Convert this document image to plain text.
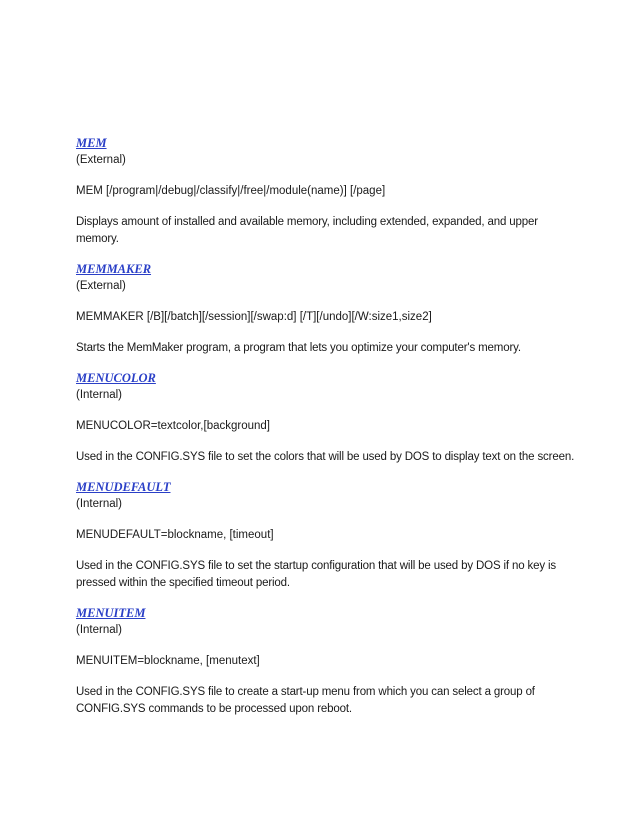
MEM
(External)
MEM [/program|/debug|/classify|/free|/module(name)] [/page]
Displays amount of installed and available memory, including extended, expanded, and upper memory.
MEMMAKER
(External)
MEMMAKER [/B][/batch][/session][/swap:d] [/T][/undo][/W:size1,size2]
Starts the MemMaker program, a program that lets you optimize your computer's memory.
MENUCOLOR
(Internal)
MENUCOLOR=textcolor,[background]
Used in the CONFIG.SYS file to set the colors that will be used by DOS to display text on the screen.
MENUDEFAULT
(Internal)
MENUDEFAULT=blockname, [timeout]
Used in the CONFIG.SYS file to set the startup configuration that will be used by DOS if no key is pressed within the specified timeout period.
MENUITEM
(Internal)
MENUITEM=blockname, [menutext]
Used in the CONFIG.SYS file to create a start-up menu from which you can select a group of CONFIG.SYS commands to be processed upon reboot.
